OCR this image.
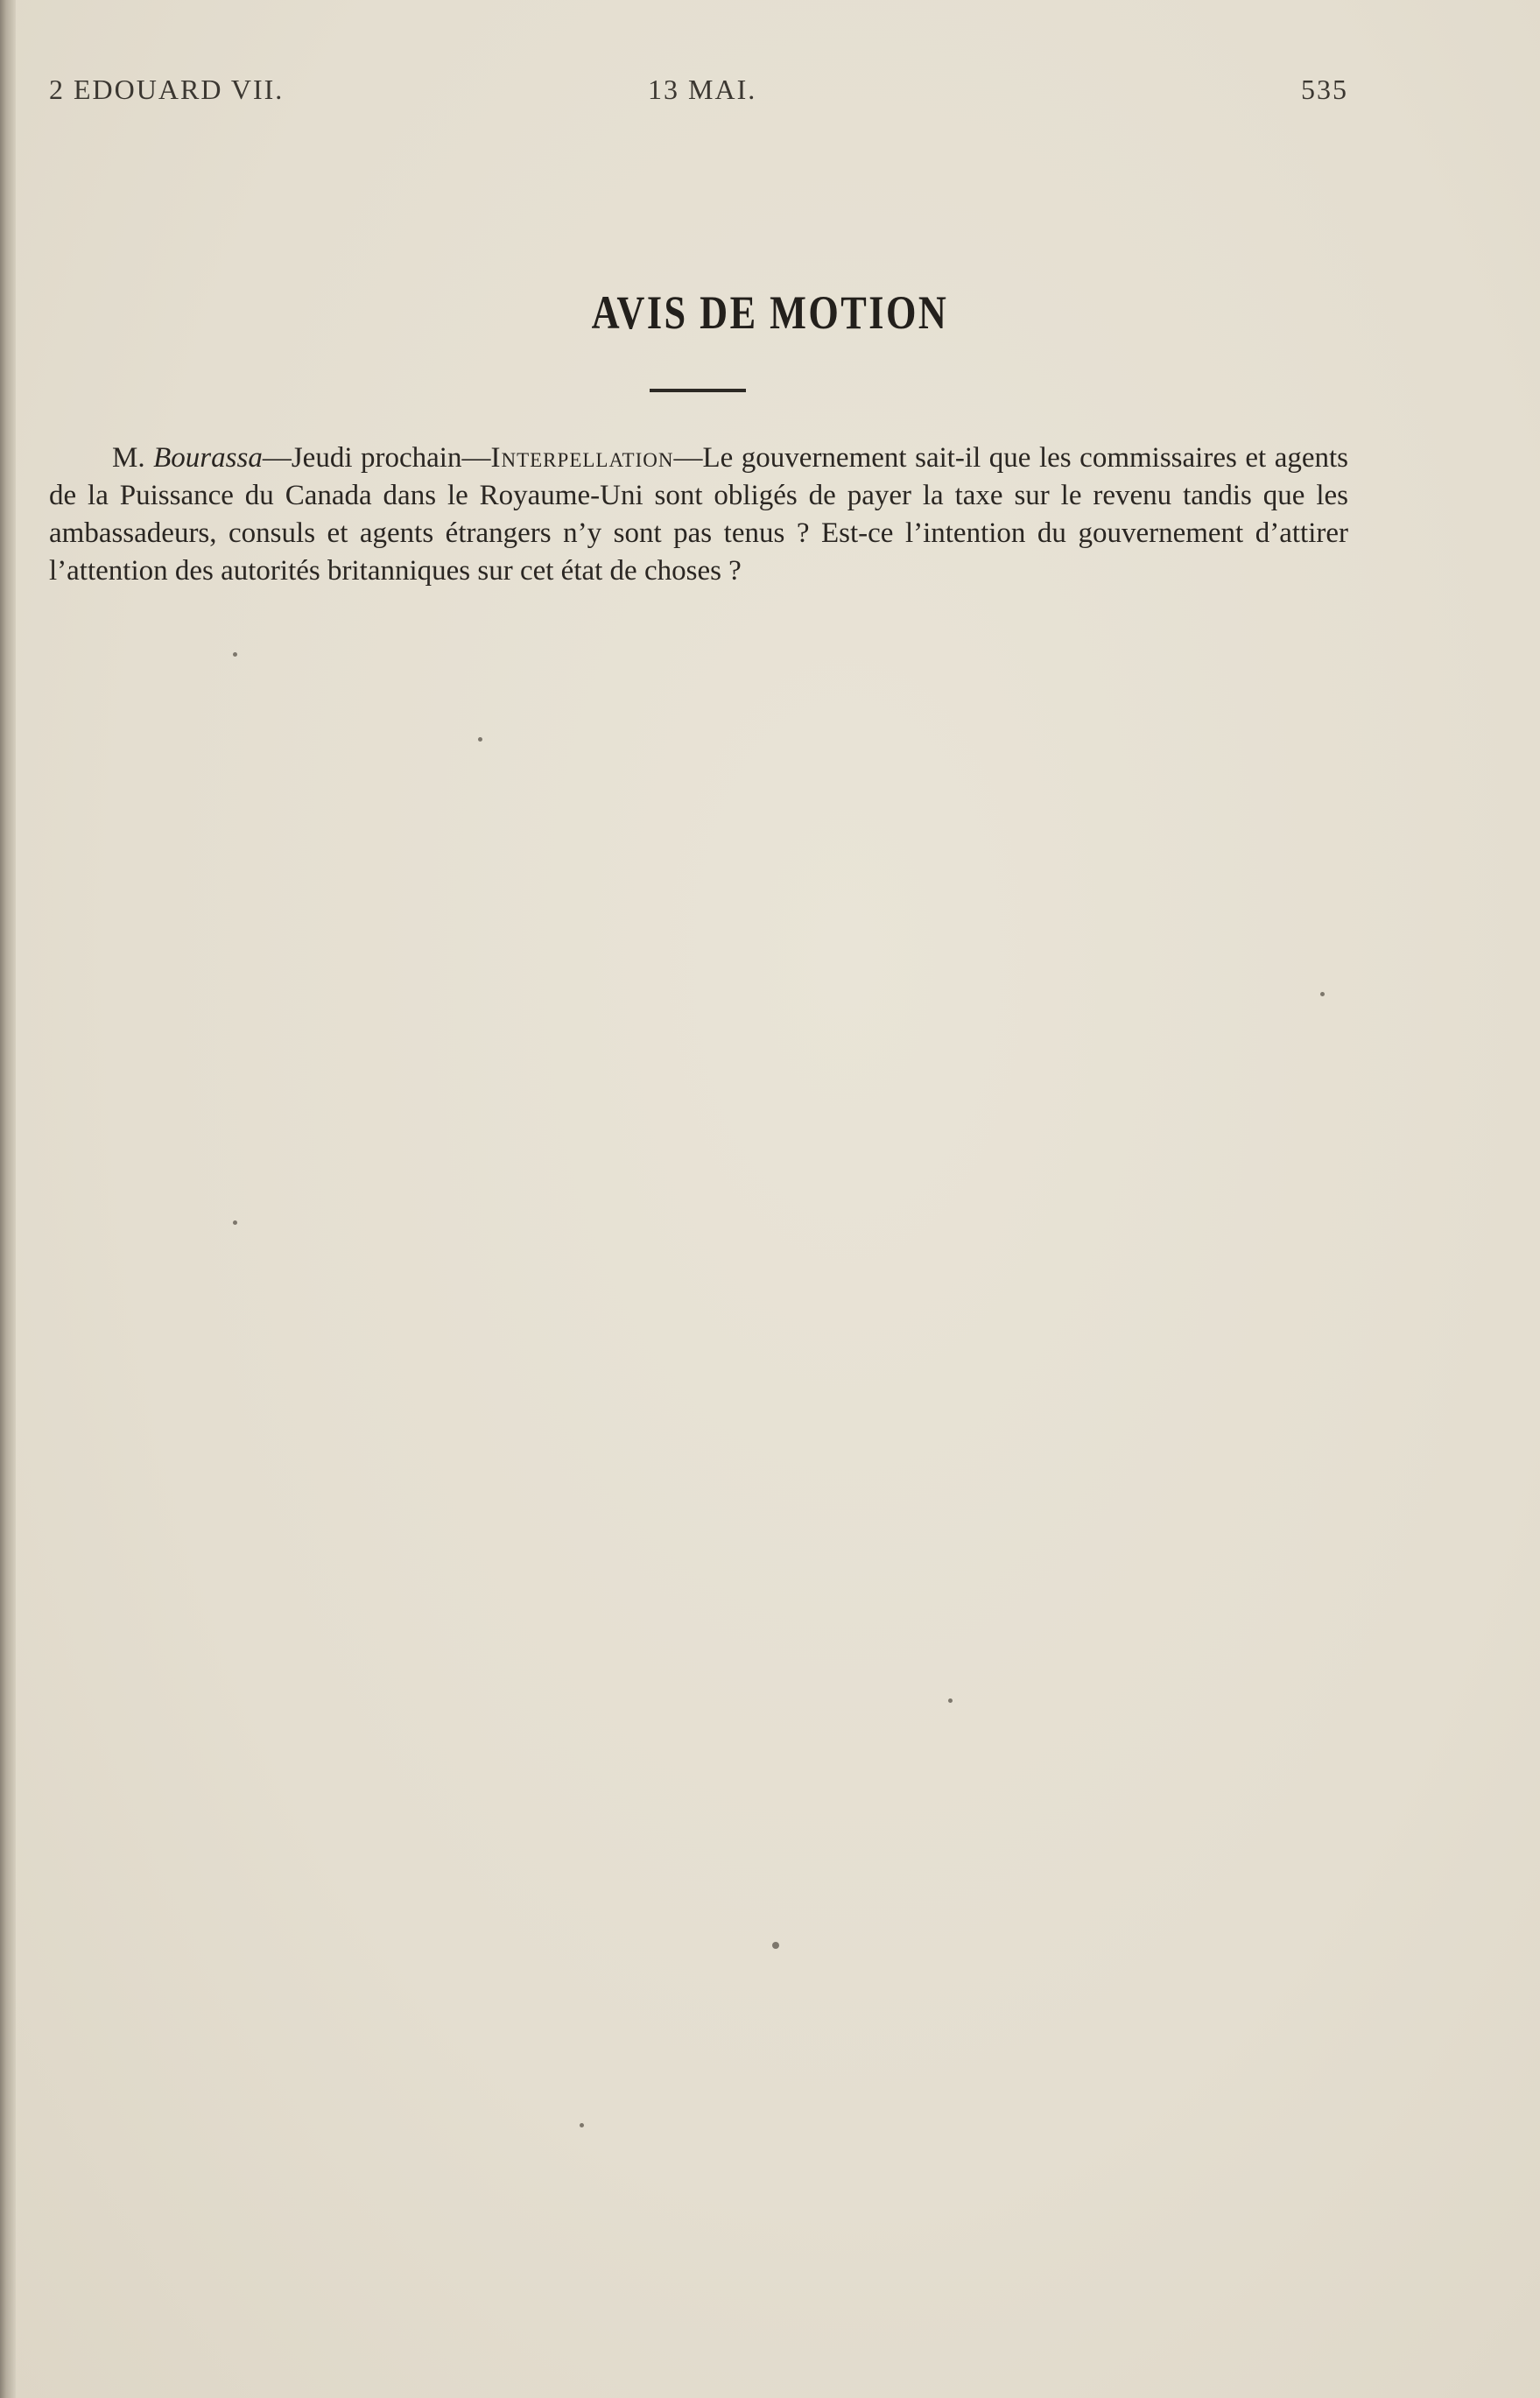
2 EDOUARD VII.	13 MAI.	535
AVIS DE MOTION

M. Bourassa—Jeudi prochain—Interpellation—Le gouvernement sait-il que les commissaires et agents de la Puissance du Canada dans le Royaume-Uni sont obligés de payer la taxe sur le revenu tandis que les ambassadeurs, consuls et agents étrangers n’y sont pas tenus ? Est-ce l’intention du gouvernement d’attirer l’attention des autorités britanniques sur cet état de choses ?
